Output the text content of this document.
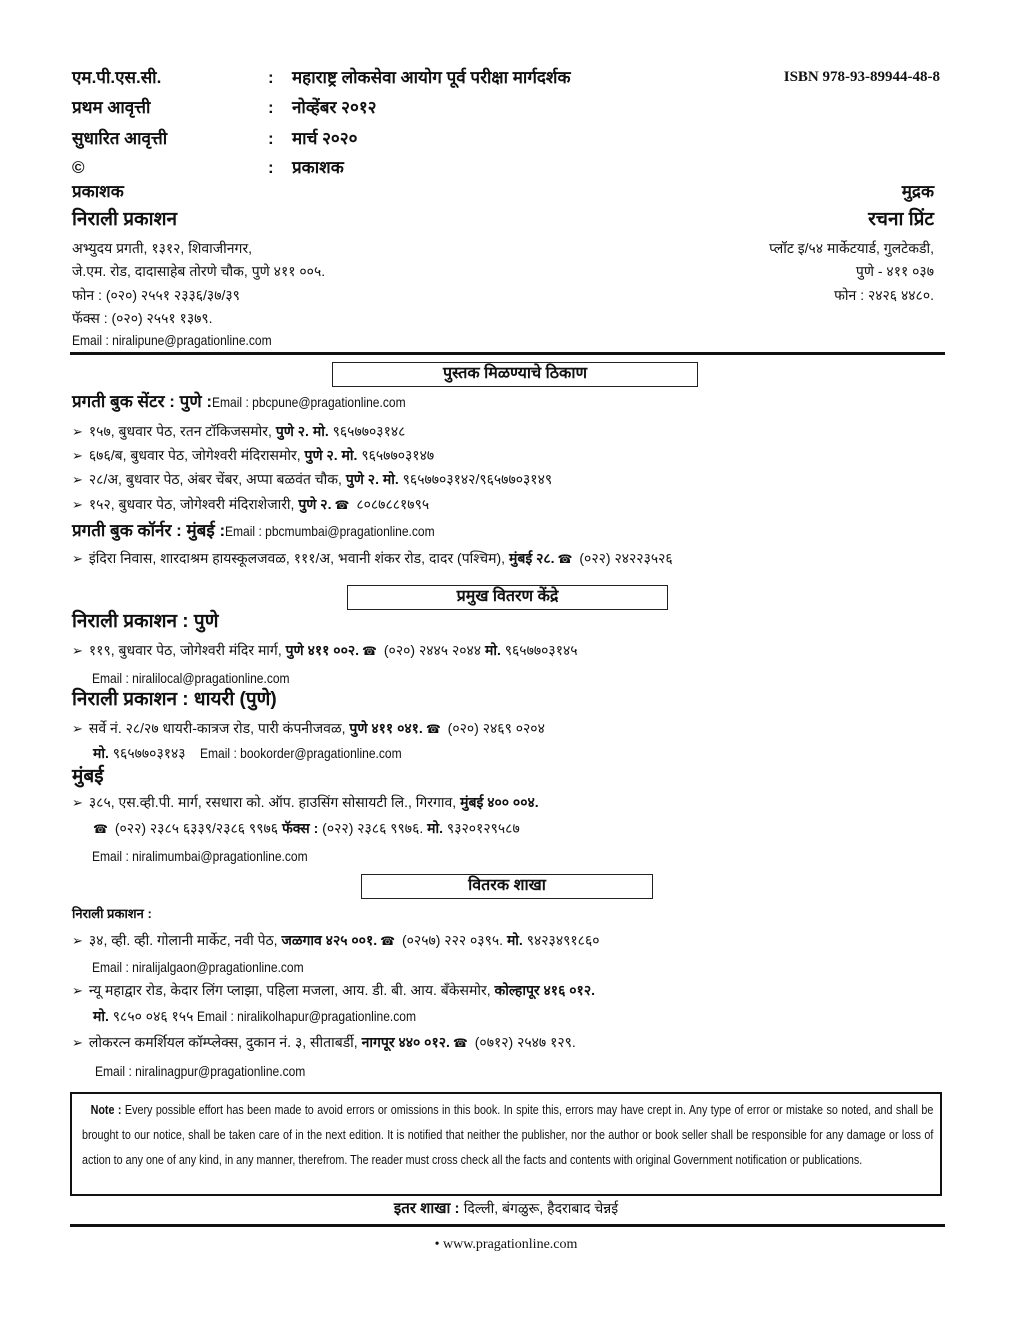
एम.पी.एस.सी.	: महाराष्ट्र लोकसेवा आयोग पूर्व परीक्षा मार्गदर्शक	ISBN 978-93-89944-48-8
प्रथम आवृत्ती	: नोव्हेंबर २०१२
सुधारित आवृत्ती	: मार्च २०२०
©	: प्रकाशक
प्रकाशक
निराली प्रकाशन
अभ्युदय प्रगती, १३१२, शिवाजीनगर,
जे.एम. रोड, दादासाहेब तोरणे चौक, पुणे ४११ ००५.
फोन : (०२०) २५५१ २३३६/३७/३९
फॅक्स : (०२०) २५५१ १३७९.
Email : niralipune@pragationline.com
मुद्रक
रचना प्रिंट
प्लॉट इ/५४ मार्केटयार्ड, गुलटेकडी,
पुणे - ४११ ०३७
फोन : २४२६ ४४८०.
पुस्तक मिळण्याचे ठिकाण
प्रगती बुक सेंटर : पुणे :Email : pbcpune@pragationline.com
➢ १५७, बुधवार पेठ, रतन टॉकिजसमोर, पुणे २. मो. ९६५७७०३१४८
➢ ६७६/ब, बुधवार पेठ, जोगेश्वरी मंदिरासमोर, पुणे २. मो. ९६५७७०३१४७
➢ २८/अ, बुधवार पेठ, अंबर चेंबर, अप्पा बळवंत चौक, पुणे २. मो. ९६५७७०३१४२/९६५७७०३१४९
➢ १५२, बुधवार पेठ, जोगेश्वरी मंदिराशेजारी, पुणे २.☎ ८०८७८८१७९५
प्रगती बुक कॉर्नर : मुंबई :Email : pbcmumbai@pragationline.com
➢ इंदिरा निवास, शारदाश्रम हायस्कूलजवळ, १११/अ, भवानी शंकर रोड, दादर (पश्चिम), मुंबई २८.☎ (०२२) २४२२३५२६
प्रमुख वितरण केंद्रे
निराली प्रकाशन : पुणे
➢ ११९, बुधवार पेठ, जोगेश्वरी मंदिर मार्ग, पुणे ४११ ००२.☎ (०२०) २४४५ २०४४ मो. ९६५७७०३१४५
Email : niralilocal@pragationline.com
निराली प्रकाशन : धायरी (पुणे)
➢ सर्वे नं. २८/२७ धायरी-कात्रज रोड, पारी कंपनीजवळ, पुणे ४११ ०४१.☎ (०२०) २४६९ ०२०४
मो. ९६५७७०३१४३ Email : bookorder@pragationline.com
मुंबई
➢ ३८५, एस.व्ही.पी. मार्ग, रसधारा को. ऑप. हाउसिंग सोसायटी लि., गिरगाव, मुंबई ४०० ००४.
☎ (०२२) २३८५ ६३३९/२३८६ ९९७६ फॅक्स : (०२२) २३८६ ९९७६. मो. ९३२०१२९५८७
Email : niralimumbai@pragationline.com
वितरक शाखा
निराली प्रकाशन :
➢ ३४, व्ही. व्ही. गोलानी मार्केट, नवी पेठ, जळगाव ४२५ ००१.☎ (०२५७) २२२ ०३९५. मो. ९४२३४९१८६०
Email : niralijalgaon@pragationline.com
➢ न्यू महाद्वार रोड, केदार लिंग प्लाझा, पहिला मजला, आय. डी. बी. आय. बॅंकेसमोर, कोल्हापूर ४१६ ०१२.
मो. ९८५० ०४६ १५५ Email : niralikolhapur@pragationline.com
➢ लोकरत्न कमर्शियल कॉम्प्लेक्स, दुकान नं. ३, सीताबर्डी, नागपूर ४४० ०१२.☎ (०७१२) २५४७ १२९.
Email : niralinagpur@pragationline.com
Note : Every possible effort has been made to avoid errors or omissions in this book. In spite this, errors may have crept in. Any type of error or mistake so noted, and shall be brought to our notice, shall be taken care of in the next edition. It is notified that neither the publisher, nor the author or book seller shall be responsible for any damage or loss of action to any one of any kind, in any manner, therefrom. The reader must cross check all the facts and contents with original Government notification or publications.
इतर शाखा : दिल्ली, बंगळुरू, हैदराबाद चेन्नई
• www.pragationline.com
